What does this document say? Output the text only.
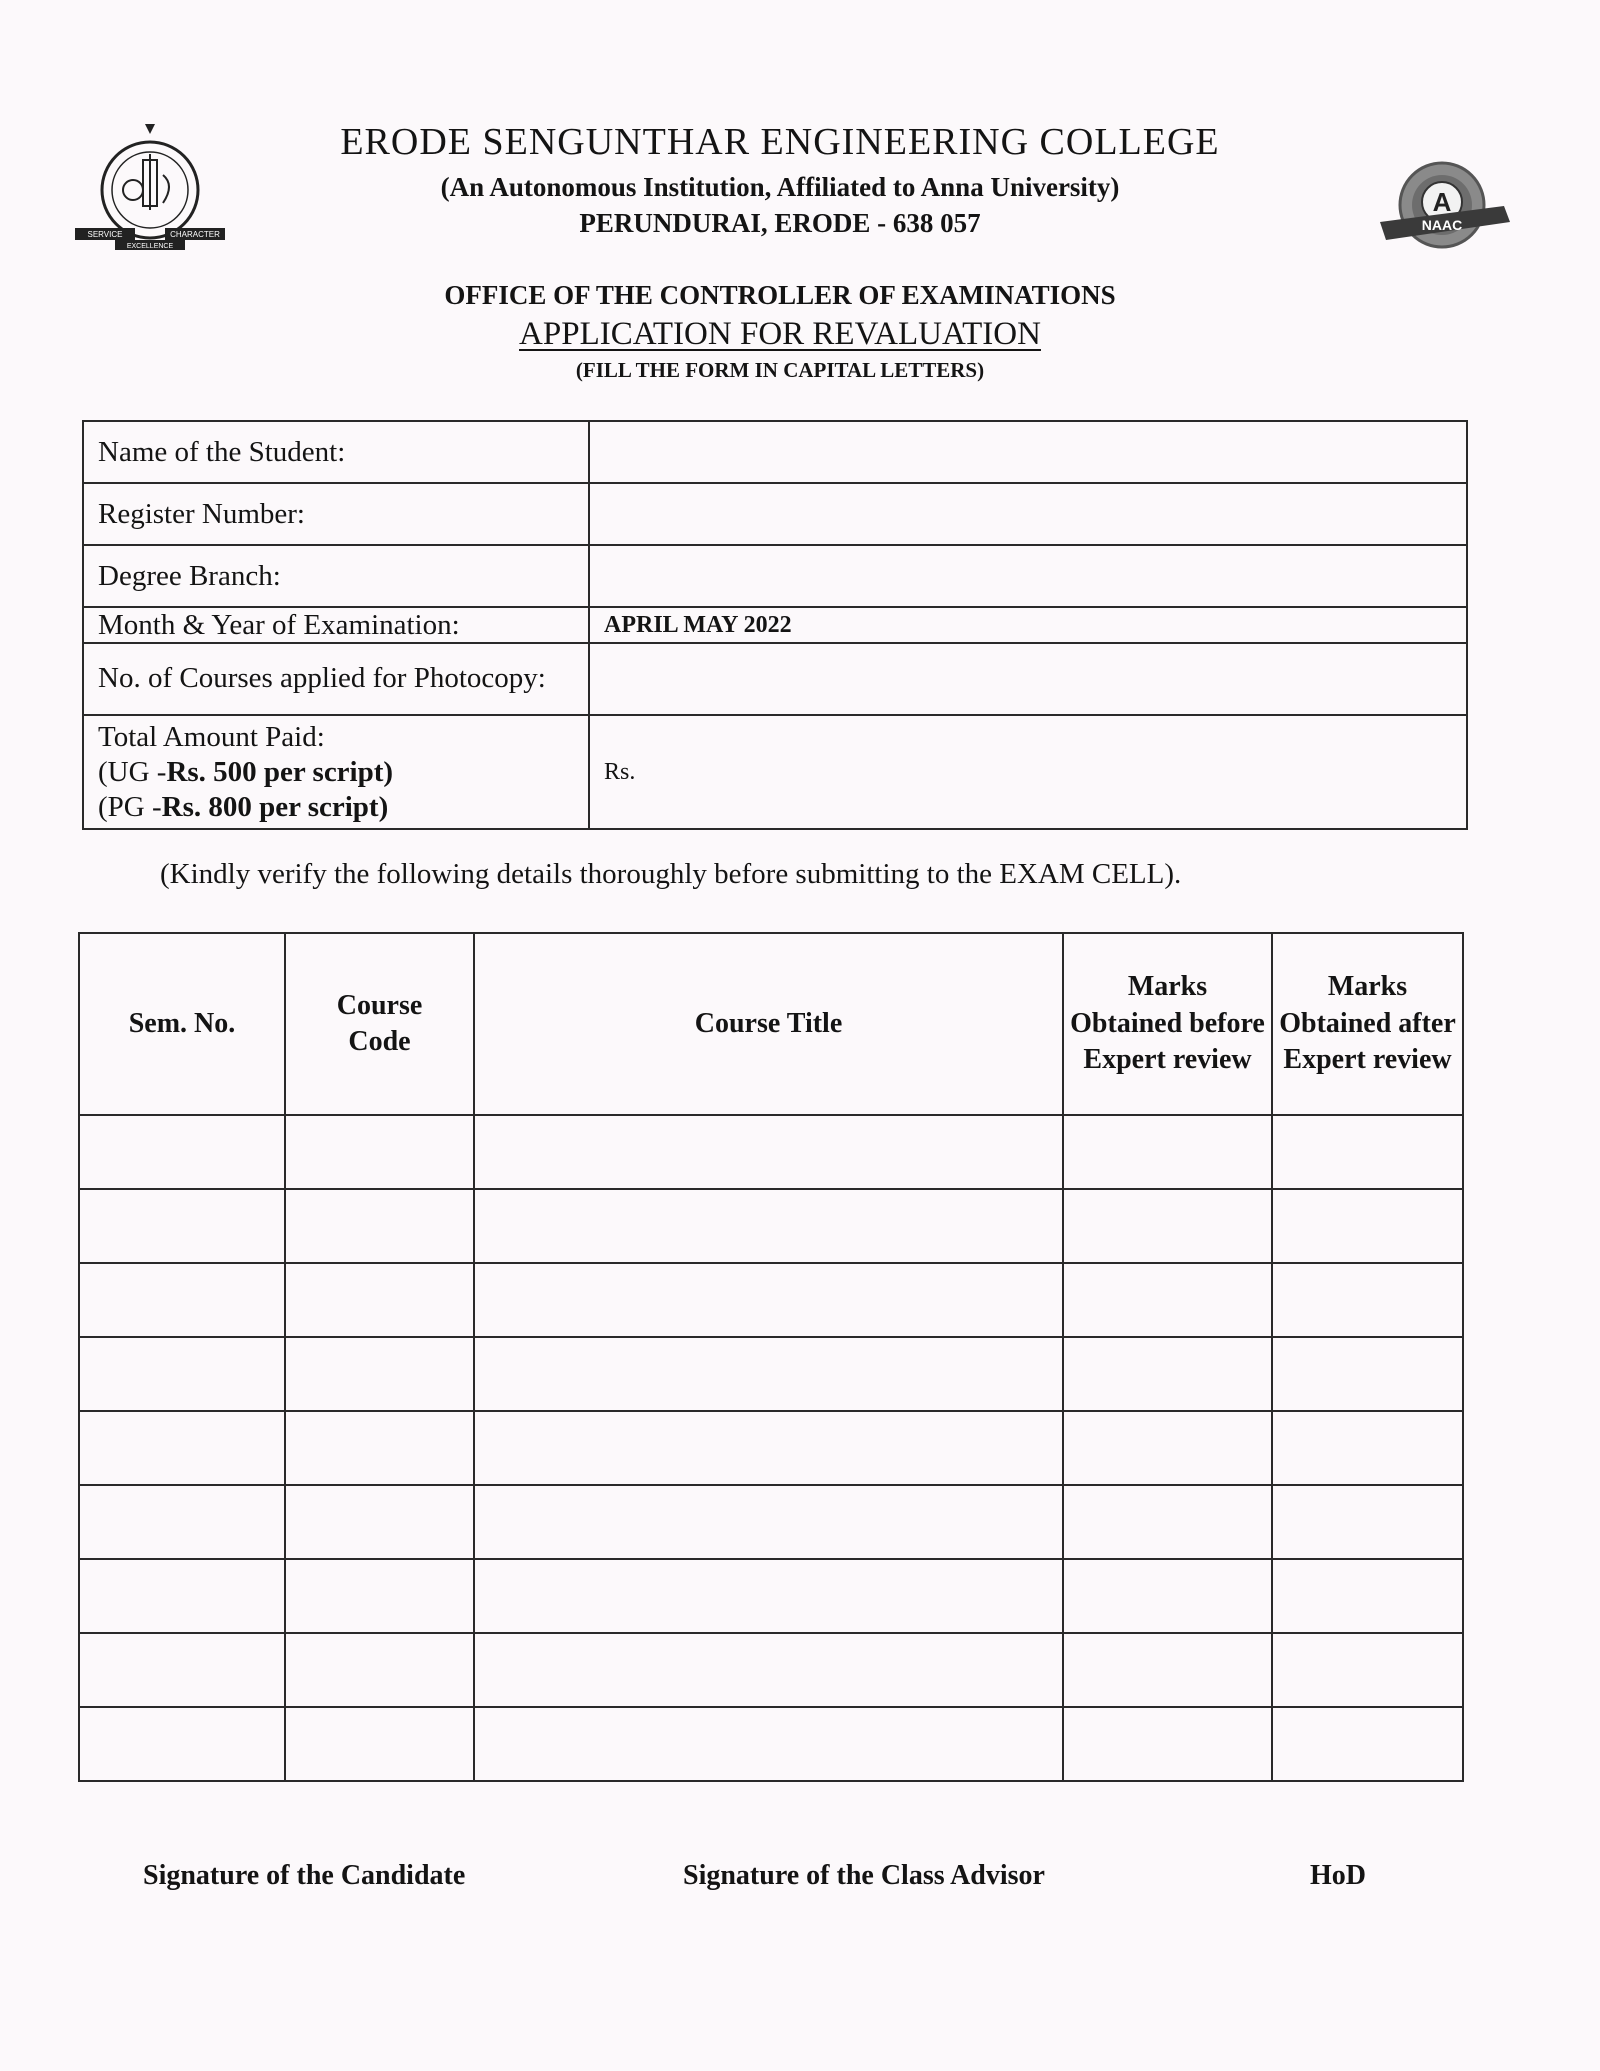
SERVICE	CHARACTER
EXCELLENCE
A
NAAC
ERODE SENGUNTHAR ENGINEERING COLLEGE
(An Autonomous Institution, Affiliated to Anna University)
PERUNDURAI, ERODE - 638 057
OFFICE OF THE CONTROLLER OF EXAMINATIONS
APPLICATION FOR REVALUATION
(FILL THE FORM IN CAPITAL LETTERS)
Name of the Student:	
Register Number:	
Degree Branch:	
Month & Year of Examination:	APRIL MAY 2022
No. of Courses applied for Photocopy:	

Total Amount Paid:
(UG -Rs. 500 per script)
(PG -Rs. 800 per script)	Rs.
(Kindly verify the following details thoroughly before submitting to the EXAM CELL).
Sem. No.	Course Code	Course Title	Marks Obtained before Expert review	Marks Obtained after Expert review

Signature of the Candidate	Signature of the Class Advisor	HoD
